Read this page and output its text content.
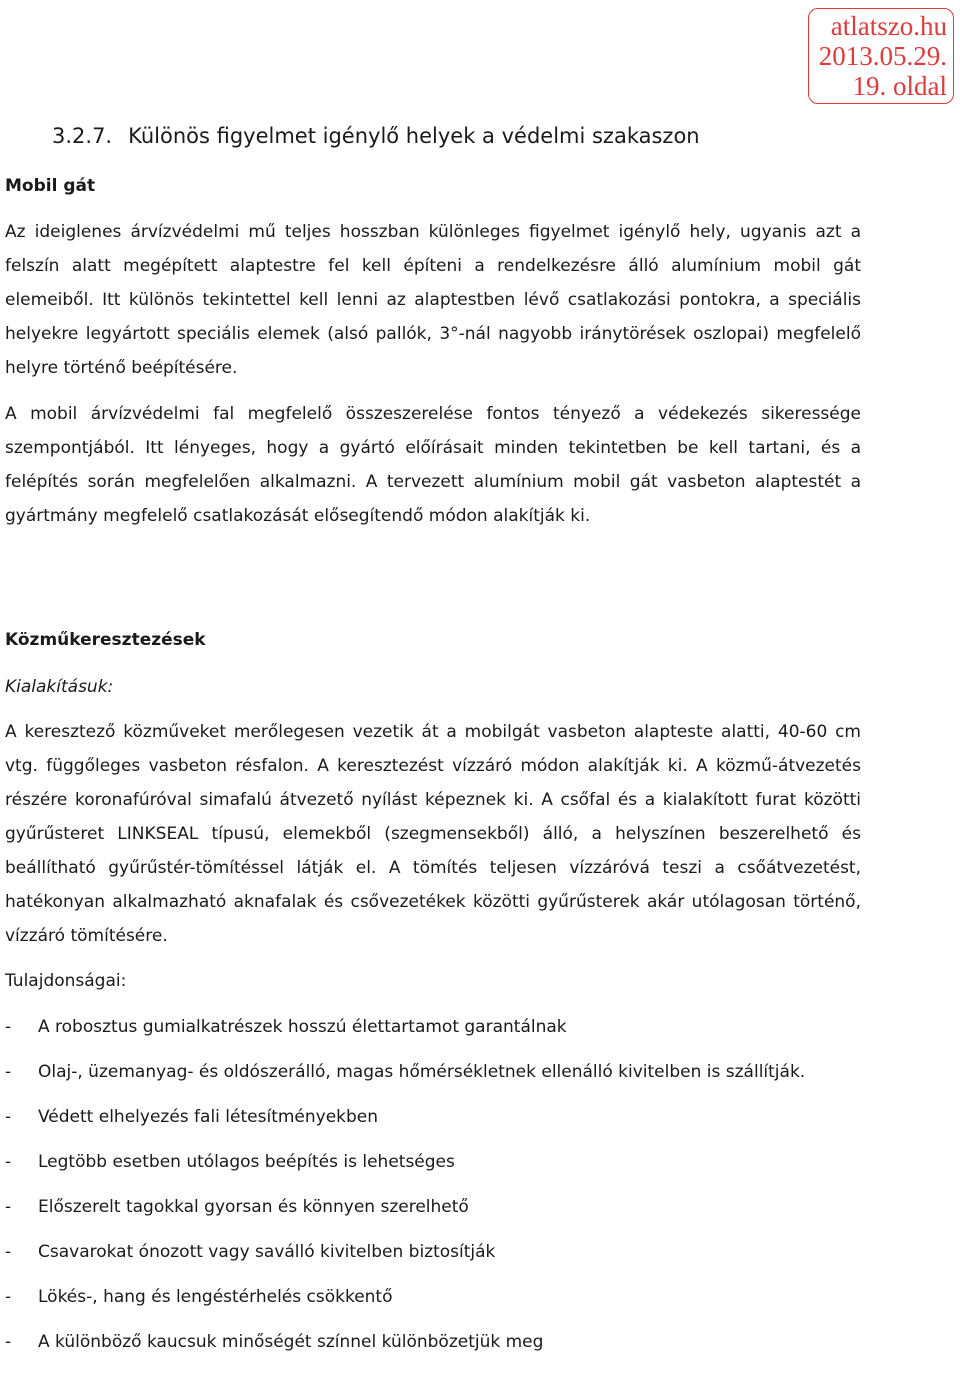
atlatszo.hu
2013.05.29.
19. oldal
3.2.7. Különös figyelmet igénylő helyek a védelmi szakaszon
Mobil gát

Az ideiglenes árvízvédelmi mű teljes hosszban különleges figyelmet igénylő hely, ugyanis azt a felszín alatt megépített alaptestre fel kell építeni a rendelkezésre álló alumínium mobil gát elemeiből. Itt különös tekintettel kell lenni az alaptestben lévő csatlakozási pontokra, a speciális helyekre legyártott speciális elemek (alsó pallók, 3°-nál nagyobb iránytörések oszlopai) megfelelő helyre történő beépítésére.

A mobil árvízvédelmi fal megfelelő összeszerelése fontos tényező a védekezés sikeressége szempontjából. Itt lényeges, hogy a gyártó előírásait minden tekintetben be kell tartani, és a felépítés során megfelelően alkalmazni. A tervezett alumínium mobil gát vasbeton alaptestét a gyártmány megfelelő csatlakozását elősegítendő módon alakítják ki.

Közműkeresztezések

Kialakításuk:

A keresztező közműveket merőlegesen vezetik át a mobilgát vasbeton alapteste alatti, 40-60 cm vtg. függőleges vasbeton résfalon. A keresztezést vízzáró módon alakítják ki. A közmű-átvezetés részére koronafúróval simafalú átvezető nyílást képeznek ki. A csőfal és a kialakított furat közötti gyűrűsteret LINKSEAL típusú, elemekből (szegmensekből) álló, a helyszínen beszerelhető és beállítható gyűrűstér-tömítéssel látják el. A tömítés teljesen vízzáróvá teszi a csőátvezetést, hatékonyan alkalmazható aknafalak és csővezetékek közötti gyűrűsterek akár utólagosan történő, vízzáró tömítésére.

Tulajdonságai:

- A robosztus gumialkatrészek hosszú élettartamot garantálnak
- Olaj-, üzemanyag- és oldószerálló, magas hőmérsékletnek ellenálló kivitelben is szállítják.
- Védett elhelyezés fali létesítményekben
- Legtöbb esetben utólagos beépítés is lehetséges
- Előszerelt tagokkal gyorsan és könnyen szerelhető
- Csavarokat ónozott vagy saválló kivitelben biztosítják
- Lökés-, hang és lengéstérhelés csökkentő
- A különböző kaucsuk minőségét színnel különbözetjük meg
